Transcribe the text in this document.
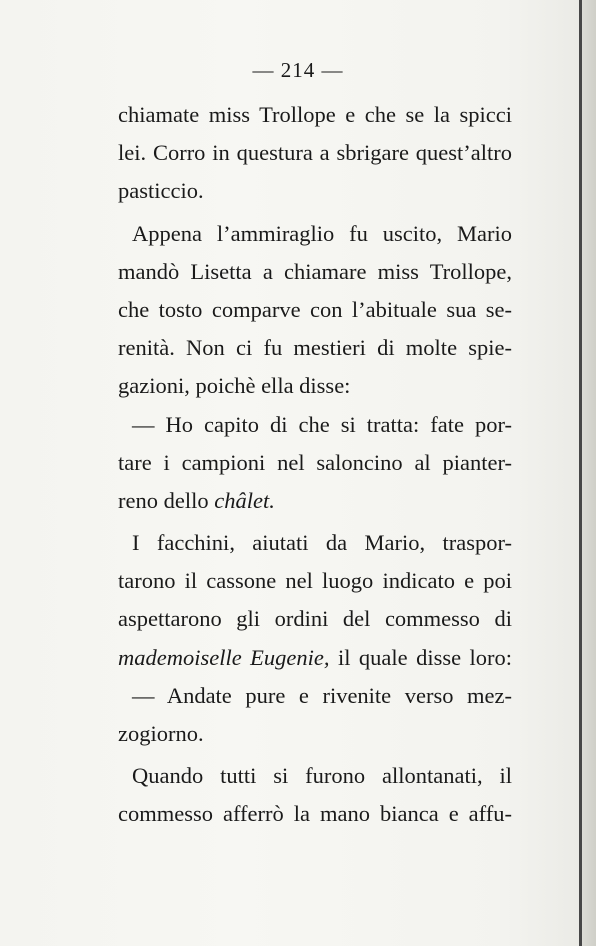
— 214 —
chiamate miss Trollope e che se la spicci
lei. Corro in questura a sbrigare quest’altro
pasticcio.
Appena l’ammiraglio fu uscito, Mario
mandò Lisetta a chiamare miss Trollope,
che tosto comparve con l’abituale sua se-
renità. Non ci fu mestieri di molte spie-
gazioni, poichè ella disse:
— Ho capito di che si tratta: fate por-
tare i campioni nel saloncino al pianter-
reno dello châlet.
I facchini, aiutati da Mario, traspor-
tarono il cassone nel luogo indicato e poi
aspettarono gli ordini del commesso di
mademoiselle Eugenie, il quale disse loro:
— Andate pure e rivenite verso mez-
zogiorno.
Quando tutti si furono allontanati, il
commesso afferrò la mano bianca e affu-
